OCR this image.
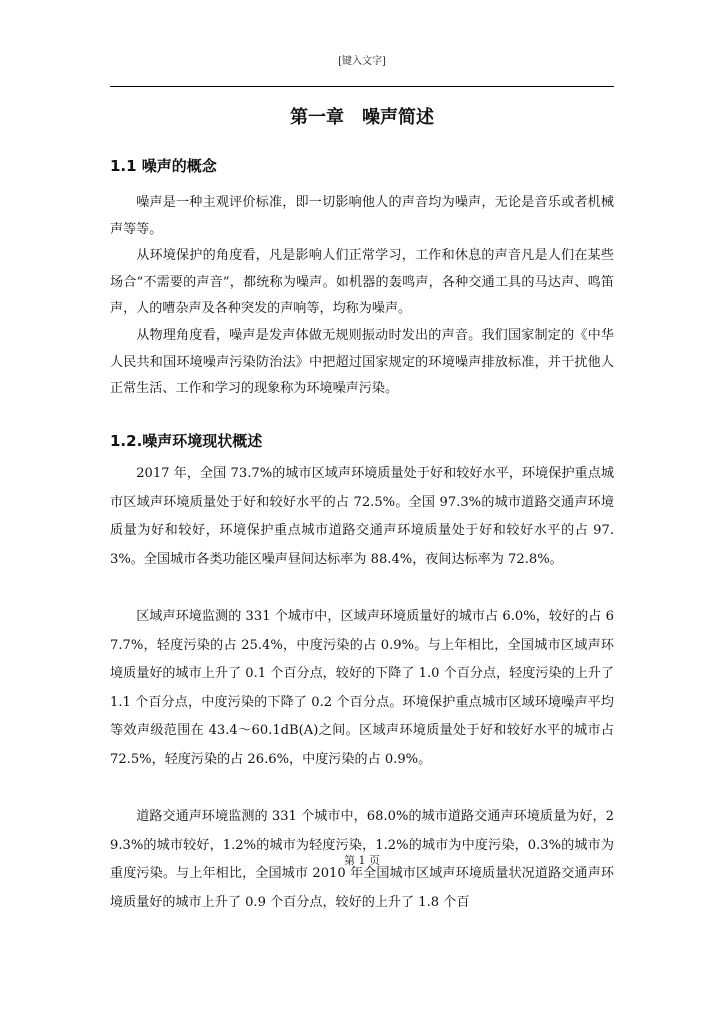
[键入文字]
第一章　噪声简述
1.1 噪声的概念

噪声是一种主观评价标准，即一切影响他人的声音均为噪声，无论是音乐或者机械声等等。

从环境保护的角度看，凡是影响人们正常学习，工作和休息的声音凡是人们在某些场合“不需要的声音”，都统称为噪声。如机器的轰鸣声，各种交通工具的马达声、鸣笛声，人的嘈杂声及各种突发的声响等，均称为噪声。

从物理角度看，噪声是发声体做无规则振动时发出的声音。我们国家制定的《中华人民共和国环境噪声污染防治法》中把超过国家规定的环境噪声排放标准，并干扰他人正常生活、工作和学习的现象称为环境噪声污染。

1.2.噪声环境现状概述

2017 年，全国 73.7%的城市区域声环境质量处于好和较好水平，环境保护重点城市区域声环境质量处于好和较好水平的占 72.5%。全国 97.3%的城市道路交通声环境质量为好和较好，环境保护重点城市道路交通声环境质量处于好和较好水平的占 97.3%。全国城市各类功能区噪声昼间达标率为 88.4%，夜间达标率为 72.8%。

区域声环境监测的 331 个城市中，区域声环境质量好的城市占 6.0%，较好的占 67.7%，轻度污染的占 25.4%，中度污染的占 0.9%。与上年相比，全国城市区域声环境质量好的城市上升了 0.1 个百分点，较好的下降了 1.0 个百分点，轻度污染的上升了 1.1 个百分点，中度污染的下降了 0.2 个百分点。环境保护重点城市区域环境噪声平均等效声级范围在 43.4～60.1dB(A)之间。区域声环境质量处于好和较好水平的城市占 72.5%，轻度污染的占 26.6%，中度污染的占 0.9%。

道路交通声环境监测的 331 个城市中，68.0%的城市道路交通声环境质量为好，29.3%的城市较好，1.2%的城市为轻度污染，1.2%的城市为中度污染，0.3%的城市为重度污染。与上年相比，全国城市 2010 年全国城市区域声环境质量状况道路交通声环境质量好的城市上升了 0.9 个百分点，较好的上升了 1.8 个百

第 1 页
